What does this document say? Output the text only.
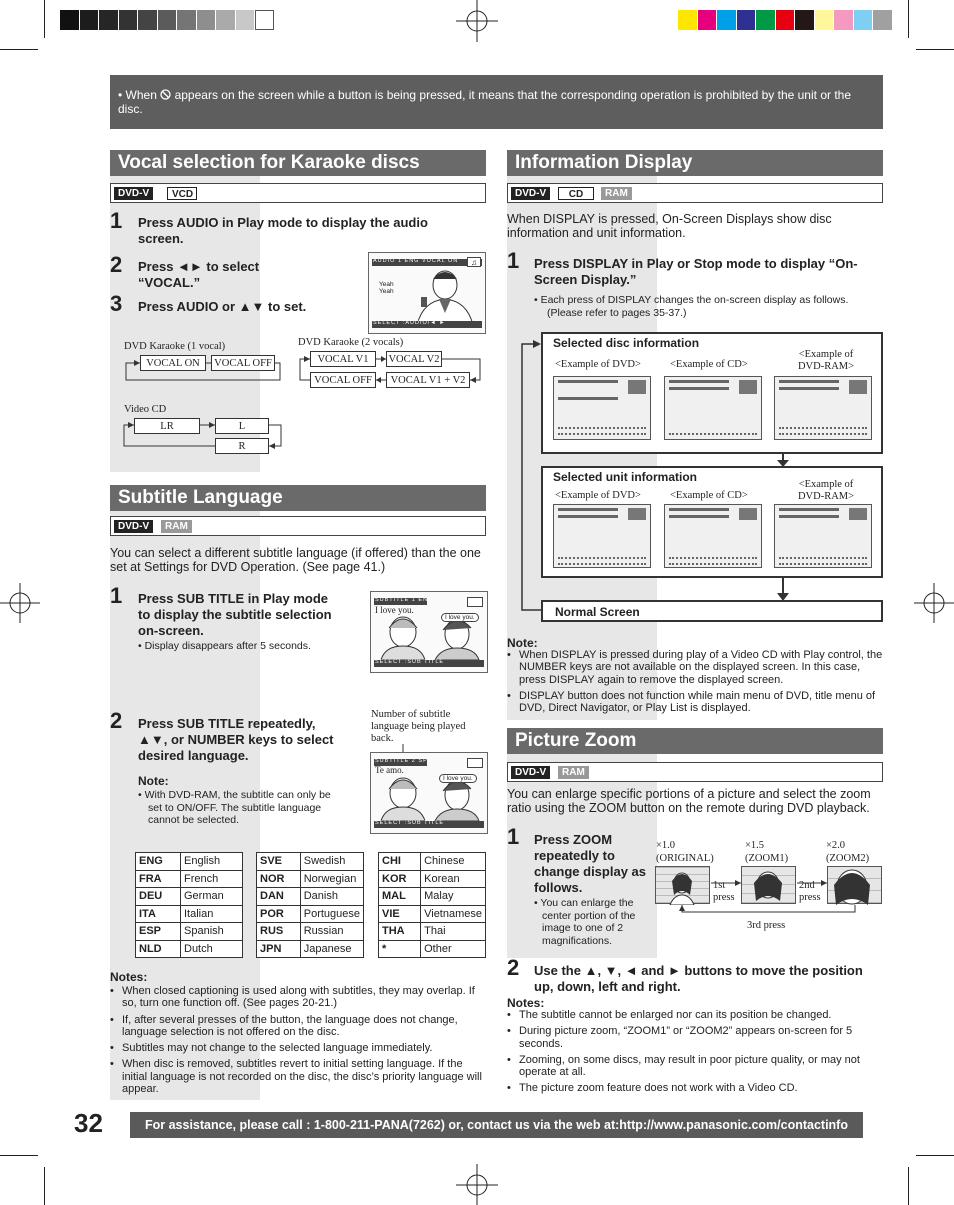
• When appears on the screen while a button is being pressed, it means that the corresponding operation is prohibited by the unit or the disc.
Vocal selection for Karaoke discs
DVD-V	VCD
1 Press AUDIO in Play mode to display the audio screen.
2 Press ◄► to select “VOCAL.”
3 Press AUDIO or ▲▼ to set.
AUDIO 1 ENG VOCAL ON	♫
Yeah Yeah
SELECT :AUDIO/◄ ►
DVD Karaoke (1 vocal)
VOCAL ON	VOCAL OFF
DVD Karaoke (2 vocals)
VOCAL V1	VOCAL V2
VOCAL OFF	VOCAL V1 + V2
Video CD
LR	L
R
Subtitle Language
DVD-V	RAM
You can select a different subtitle language (if offered) than the one set at Settings for DVD Operation. (See page 41.)
1 Press SUB TITLE in Play mode to display the subtitle selection on-screen.
• Display disappears after 5 seconds.
SUBTITLE 1 ENG
I love you.
I love you.
SELECT :SUB TITLE
2 Press SUB TITLE repeatedly, ▲▼, or NUMBER keys to select desired language.
Note:
• With DVD-RAM, the subtitle can only be set to ON/OFF. The subtitle language cannot be selected.
Number of subtitle language being played back.
SUBTITLE 2 SPA
Te amo.
I love you.
SELECT :SUB TITLE
ENG	English
FRA	French
DEU	German
ITA	Italian
ESP	Spanish
NLD	Dutch
SVE	Swedish
NOR	Norwegian
DAN	Danish
POR	Portuguese
RUS	Russian
JPN	Japanese
CHI	Chinese
KOR	Korean
MAL	Malay
VIE	Vietnamese
THA	Thai
*	Other
Notes:
• When closed captioning is used along with subtitles, they may overlap. If so, turn one function off. (See pages 20-21.)
• If, after several presses of the button, the language does not change, language selection is not offered on the disc.
• Subtitles may not change to the selected language immediately.
• When disc is removed, subtitles revert to initial setting language. If the initial language is not recorded on the disc, the disc’s priority language will appear.
Information Display
DVD-V	CD	RAM
When DISPLAY is pressed, On-Screen Displays show disc information and unit information.
1 Press DISPLAY in Play or Stop mode to display “On-Screen Display.”
• Each press of DISPLAY changes the on-screen display as follows. (Please refer to pages 35-37.)
Selected disc information
<Example of DVD>	<Example of CD>
<Example of DVD-RAM>
Selected unit information
<Example of DVD>	<Example of CD>
<Example of DVD-RAM>
Normal Screen
Note:
• When DISPLAY is pressed during play of a Video CD with Play control, the NUMBER keys are not available on the displayed screen. In this case, press DISPLAY again to remove the displayed screen.
• DISPLAY button does not function while main menu of DVD, title menu of DVD, Direct Navigator, or Play List is displayed.
Picture Zoom
DVD-V	RAM
You can enlarge specific portions of a picture and select the zoom ratio using the ZOOM button on the remote during DVD playback.
1 Press ZOOM repeatedly to change display as follows.
• You can enlarge the center portion of the image to one of 2 magnifications.
×1.0
(ORIGINAL)
×1.5
(ZOOM1)
×2.0
(ZOOM2)
1st press
2nd press
3rd press
2 Use the ▲, ▼, ◄ and ► buttons to move the position up, down, left and right.
Notes:
• The subtitle cannot be enlarged nor can its position be changed.
• During picture zoom, “ZOOM1” or “ZOOM2” appears on-screen for 5 seconds.
• Zooming, on some discs, may result in poor picture quality, or may not operate at all.
• The picture zoom feature does not work with a Video CD.
32	For assistance, please call : 1-800-211-PANA(7262) or, contact us via the web at:http://www.panasonic.com/contactinfo
